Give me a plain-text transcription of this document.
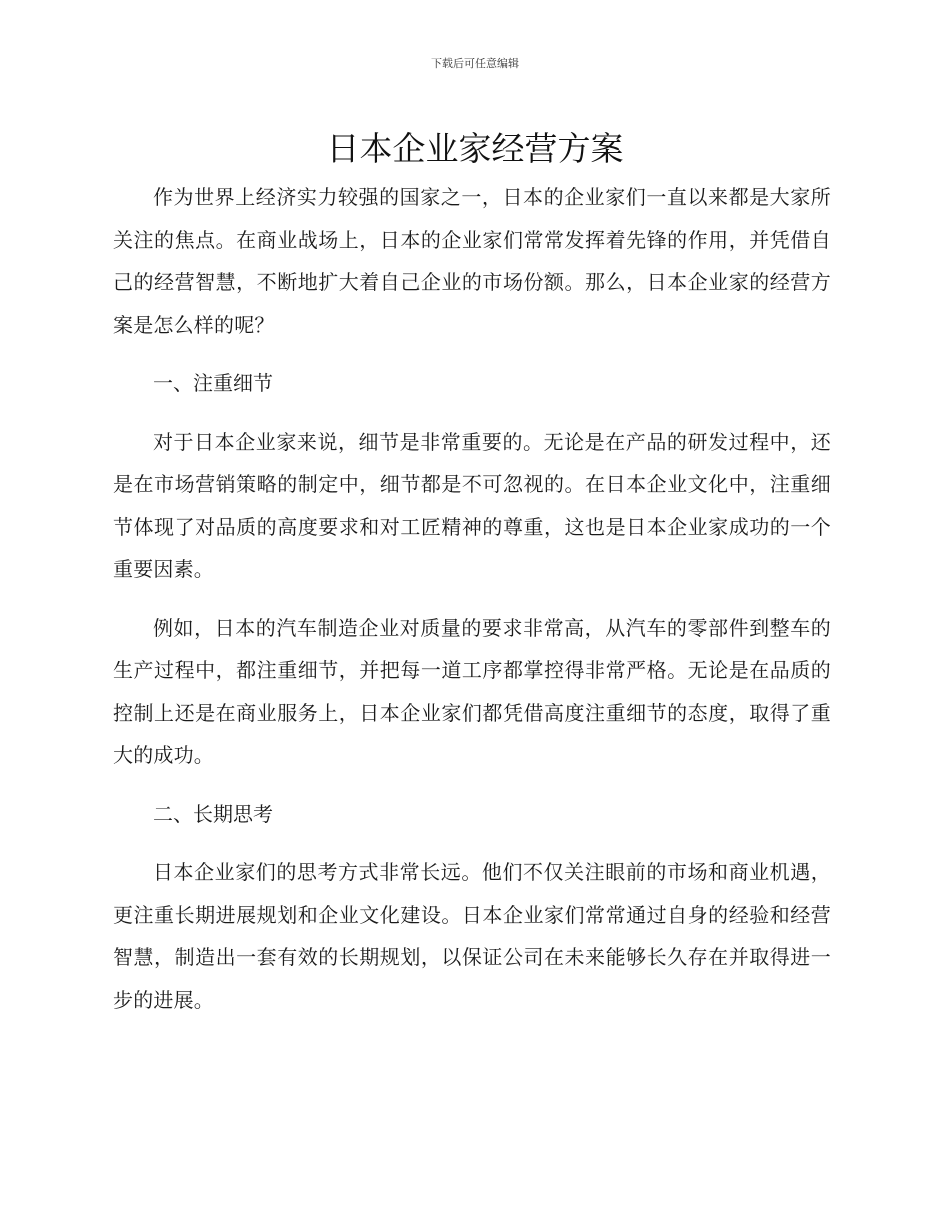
下载后可任意编辑
日本企业家经营方案

作为世界上经济实力较强的国家之一，日本的企业家们一直以来都是大家所关注的焦点。在商业战场上，日本的企业家们常常发挥着先锋的作用，并凭借自己的经营智慧，不断地扩大着自己企业的市场份额。那么，日本企业家的经营方案是怎么样的呢？

一、注重细节

对于日本企业家来说，细节是非常重要的。无论是在产品的研发过程中，还是在市场营销策略的制定中，细节都是不可忽视的。在日本企业文化中，注重细节体现了对品质的高度要求和对工匠精神的尊重，这也是日本企业家成功的一个重要因素。

例如，日本的汽车制造企业对质量的要求非常高，从汽车的零部件到整车的生产过程中，都注重细节，并把每一道工序都掌控得非常严格。无论是在品质的控制上还是在商业服务上，日本企业家们都凭借高度注重细节的态度，取得了重大的成功。

二、长期思考

日本企业家们的思考方式非常长远。他们不仅关注眼前的市场和商业机遇，更注重长期进展规划和企业文化建设。日本企业家们常常通过自身的经验和经营智慧，制造出一套有效的长期规划，以保证公司在未来能够长久存在并取得进一步的进展。
